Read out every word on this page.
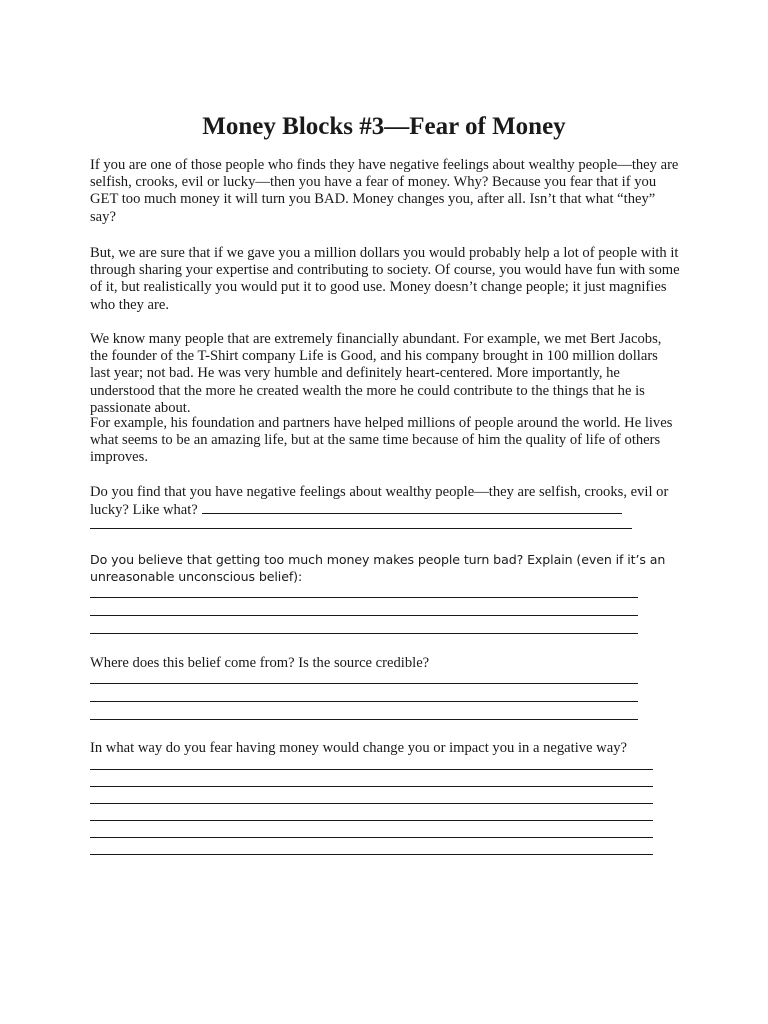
Money Blocks #3—Fear of Money

If you are one of those people who finds they have negative feelings about wealthy people—they are selfish, crooks, evil or lucky—then you have a fear of money. Why? Because you fear that if you GET too much money it will turn you BAD. Money changes you, after all. Isn’t that what “they” say?

But, we are sure that if we gave you a million dollars you would probably help a lot of people with it through sharing your expertise and contributing to society. Of course, you would have fun with some of it, but realistically you would put it to good use. Money doesn’t change people; it just magnifies who they are.

We know many people that are extremely financially abundant. For example, we met Bert Jacobs, the founder of the T-Shirt company Life is Good, and his company brought in 100 million dollars last year; not bad. He was very humble and definitely heart-centered. More importantly, he understood that the more he created wealth the more he could contribute to the things that he is passionate about.

For example, his foundation and partners have helped millions of people around the world. He lives what seems to be an amazing life, but at the same time because of him the quality of life of others improves.

Do you find that you have negative feelings about wealthy people—they are selfish, crooks, evil or
lucky? Like what?

Do you believe that getting too much money makes people turn bad? Explain (even if it’s an unreasonable unconscious belief):

Where does this belief come from? Is the source credible?

In what way do you fear having money would change you or impact you in a negative way?
